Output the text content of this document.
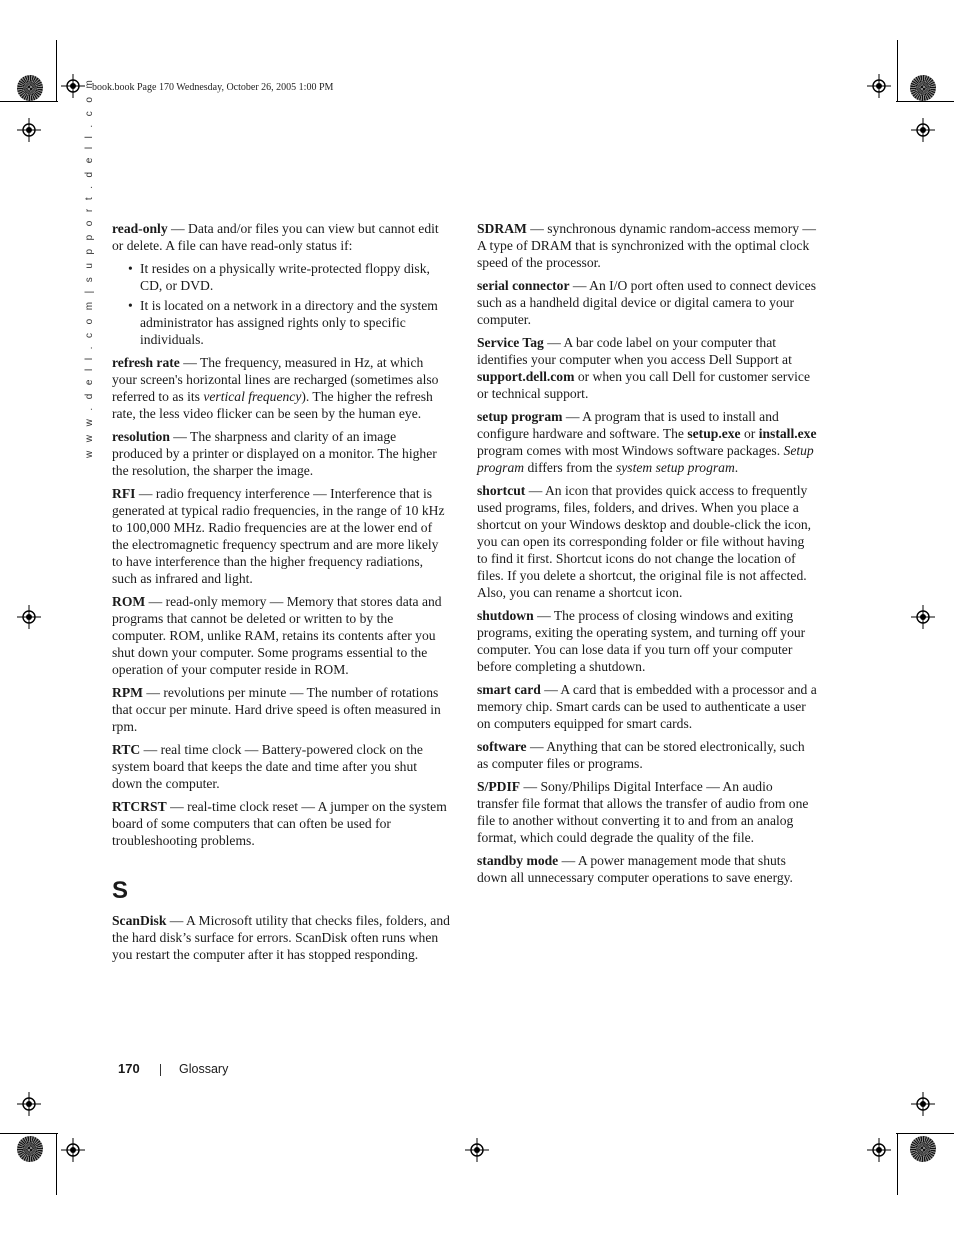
book.book Page 170 Wednesday, October 26, 2005 1:00 PM
w w w . d e l l . c o m | s u p p o r t . d e l l . c o m read-only — Data and/or files you can view but cannot edit or delete. A file can have read-only status if:

• It resides on a physically write-protected floppy disk, CD, or DVD.

• It is located on a network in a directory and the system administrator has assigned rights only to specific individuals.

refresh rate — The frequency, measured in Hz, at which your screen's horizontal lines are recharged (sometimes also referred to as its vertical frequency). The higher the refresh rate, the less video flicker can be seen by the human eye.

resolution — The sharpness and clarity of an image produced by a printer or displayed on a monitor. The higher the resolution, the sharper the image.

RFI — radio frequency interference — Interference that is generated at typical radio frequencies, in the range of 10 kHz to 100,000 MHz. Radio frequencies are at the lower end of the electromagnetic frequency spectrum and are more likely to have interference than the higher frequency radiations, such as infrared and light.

ROM — read-only memory — Memory that stores data and programs that cannot be deleted or written to by the computer. ROM, unlike RAM, retains its contents after you shut down your computer. Some programs essential to the operation of your computer reside in ROM.

RPM — revolutions per minute — The number of rotations that occur per minute. Hard drive speed is often measured in rpm.

RTC — real time clock — Battery-powered clock on the system board that keeps the date and time after you shut down the computer.

RTCRST — real-time clock reset — A jumper on the system board of some computers that can often be used for troubleshooting problems.

S

ScanDisk — A Microsoft utility that checks files, folders, and the hard disk’s surface for errors. ScanDisk often runs when you restart the computer after it has stopped responding.

SDRAM — synchronous dynamic random-access memory — A type of DRAM that is synchronized with the optimal clock speed of the processor.

serial connector — An I/O port often used to connect devices such as a handheld digital device or digital camera to your computer.

Service Tag — A bar code label on your computer that identifies your computer when you access Dell Support at support.dell.com or when you call Dell for customer service or technical support.

setup program — A program that is used to install and configure hardware and software. The setup.exe or install.exe program comes with most Windows software packages. Setup program differs from the system setup program.

shortcut — An icon that provides quick access to frequently used programs, files, folders, and drives. When you place a shortcut on your Windows desktop and double-click the icon, you can open its corresponding folder or file without having to find it first. Shortcut icons do not change the location of files. If you delete a shortcut, the original file is not affected. Also, you can rename a shortcut icon.

shutdown — The process of closing windows and exiting programs, exiting the operating system, and turning off your computer. You can lose data if you turn off your computer before completing a shutdown.

smart card — A card that is embedded with a processor and a memory chip. Smart cards can be used to authenticate a user on computers equipped for smart cards.

software — Anything that can be stored electronically, such as computer files or programs.

S/PDIF — Sony/Philips Digital Interface — An audio transfer file format that allows the transfer of audio from one file to another without converting it to and from an analog format, which could degrade the quality of the file.

standby mode — A power management mode that shuts down all unnecessary computer operations to save energy.

170	Glossary
